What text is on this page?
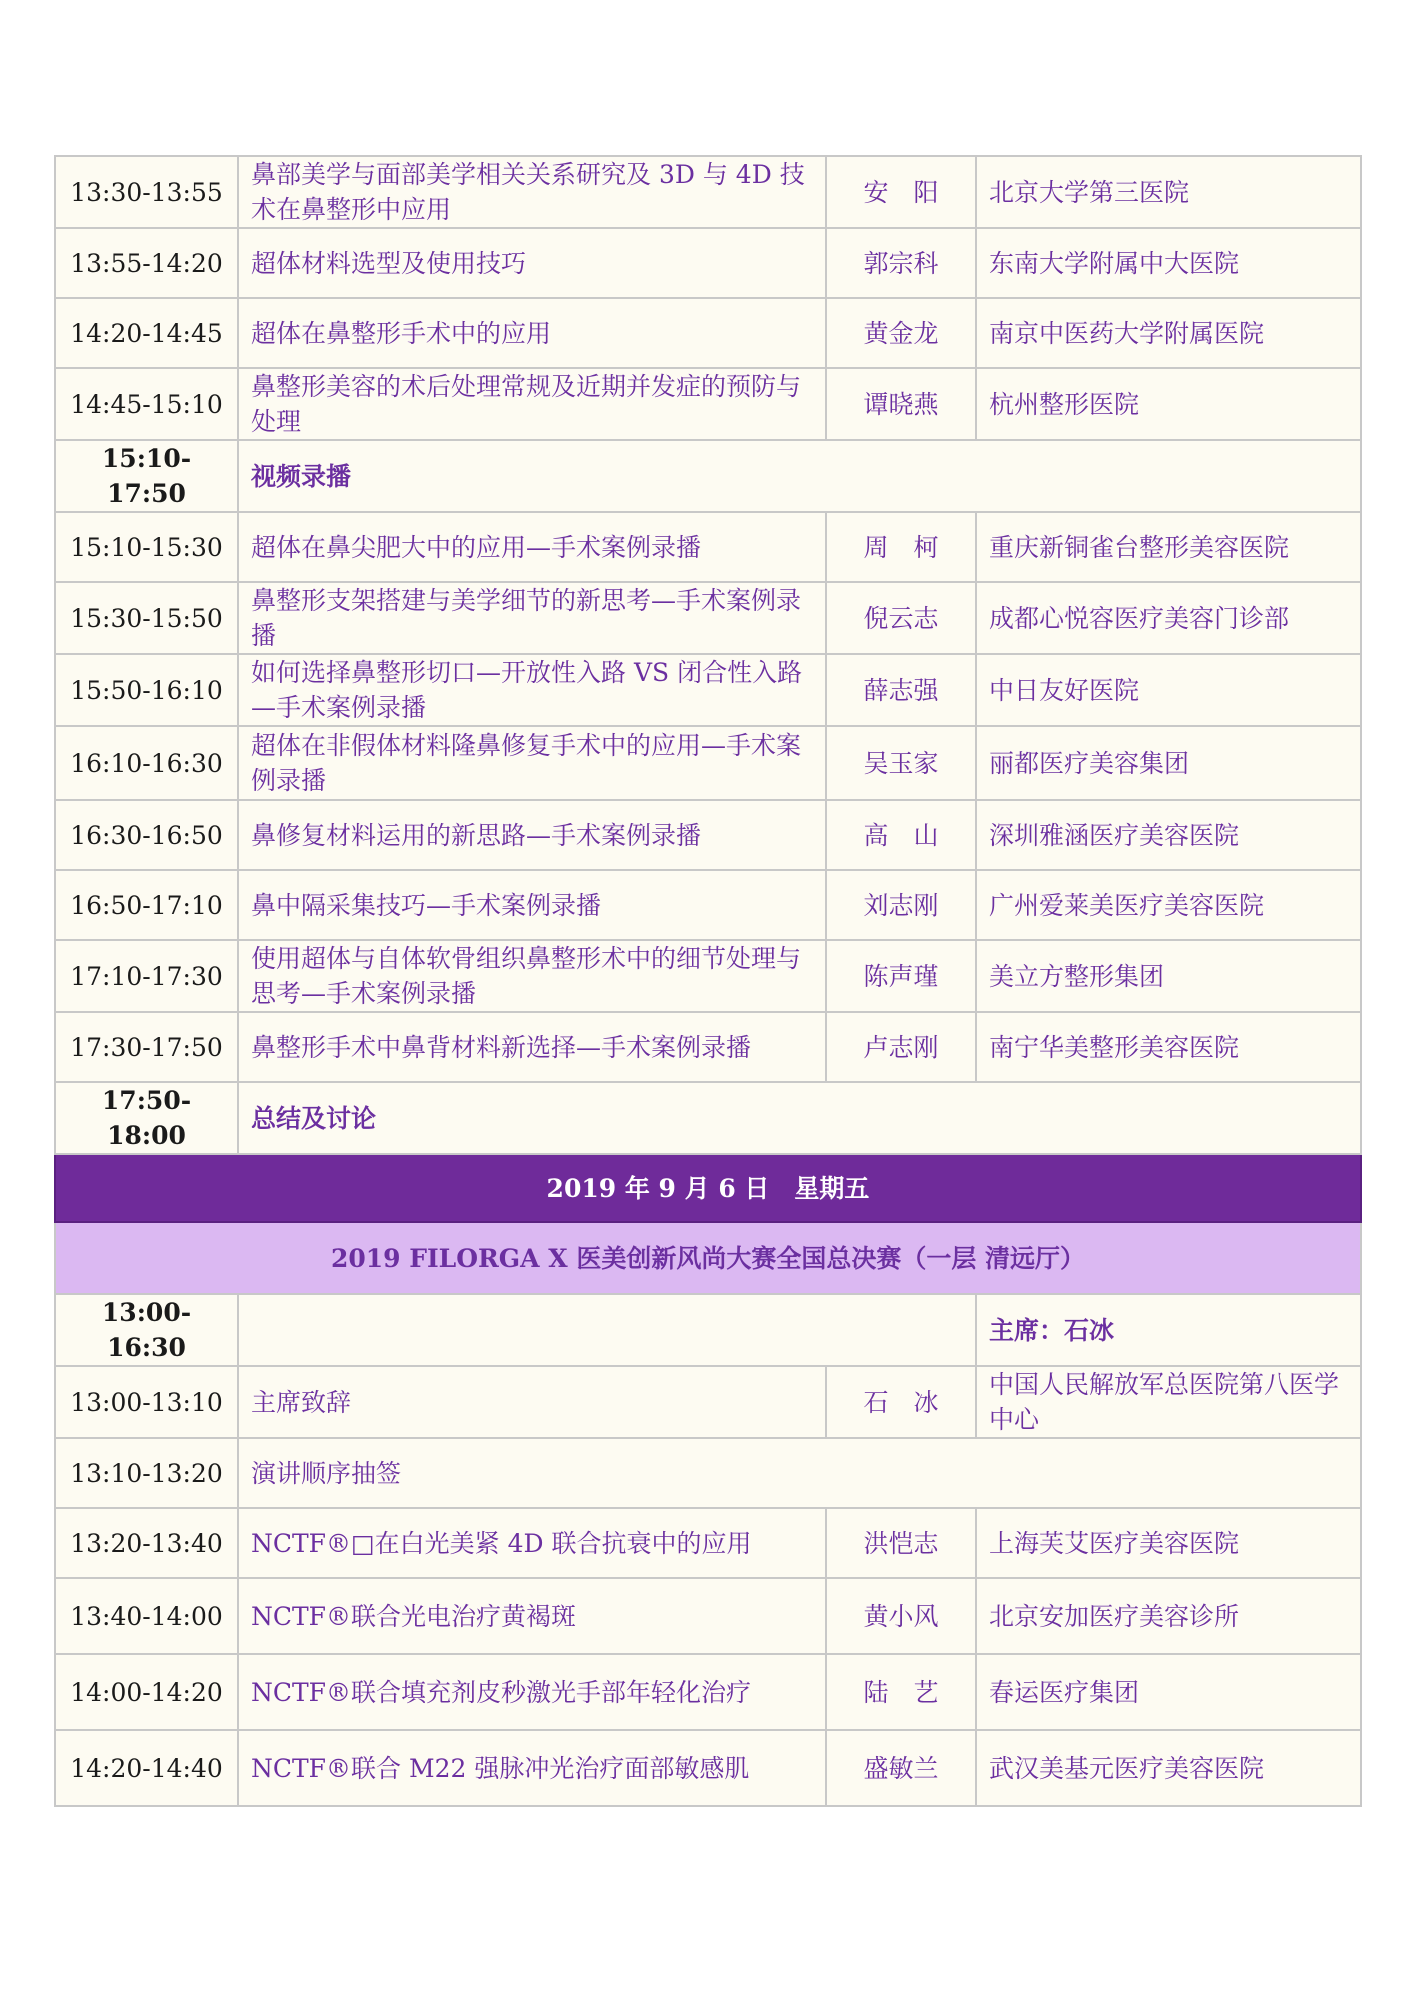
13:30-13:55	鼻部美学与面部美学相关关系研究及 3D 与 4D 技术在鼻整形中应用	安　阳	北京大学第三医院
13:55-14:20	超体材料选型及使用技巧	郭宗科	东南大学附属中大医院
14:20-14:45	超体在鼻整形手术中的应用	黄金龙	南京中医药大学附属医院
14:45-15:10	鼻整形美容的术后处理常规及近期并发症的预防与处理	谭晓燕	杭州整形医院
15:10-17:50	视频录播		
15:10-15:30	超体在鼻尖肥大中的应用—手术案例录播	周　柯	重庆新铜雀台整形美容医院
15:30-15:50	鼻整形支架搭建与美学细节的新思考—手术案例录播	倪云志	成都心悦容医疗美容门诊部
15:50-16:10	如何选择鼻整形切口—开放性入路 VS 闭合性入路—手术案例录播	薛志强	中日友好医院
16:10-16:30	超体在非假体材料隆鼻修复手术中的应用—手术案例录播	吴玉家	丽都医疗美容集团
16:30-16:50	鼻修复材料运用的新思路—手术案例录播	高　山	深圳雅涵医疗美容医院
16:50-17:10	鼻中隔采集技巧—手术案例录播	刘志刚	广州爱莱美医疗美容医院
17:10-17:30	使用超体与自体软骨组织鼻整形术中的细节处理与思考—手术案例录播	陈声瑾	美立方整形集团
17:30-17:50	鼻整形手术中鼻背材料新选择—手术案例录播	卢志刚	南宁华美整形美容医院
17:50-18:00	总结及讨论		
2019 年 9 月 6 日　星期五			
2019 FILORGA X 医美创新风尚大赛全国总决赛（一层 清远厅）			
13:00-16:30			主席：石冰
13:00-13:10	主席致辞	石　冰	中国人民解放军总医院第八医学中心
13:10-13:20	演讲顺序抽签		
13:20-13:40	NCTF®□在白光美紧 4D 联合抗衰中的应用	洪恺志	上海芙艾医疗美容医院
13:40-14:00	NCTF®联合光电治疗黄褐斑	黄小风	北京安加医疗美容诊所
14:00-14:20	NCTF®联合填充剂皮秒激光手部年轻化治疗	陆　艺	春运医疗集团
14:20-14:40	NCTF®联合 M22 强脉冲光治疗面部敏感肌	盛敏兰	武汉美基元医疗美容医院
